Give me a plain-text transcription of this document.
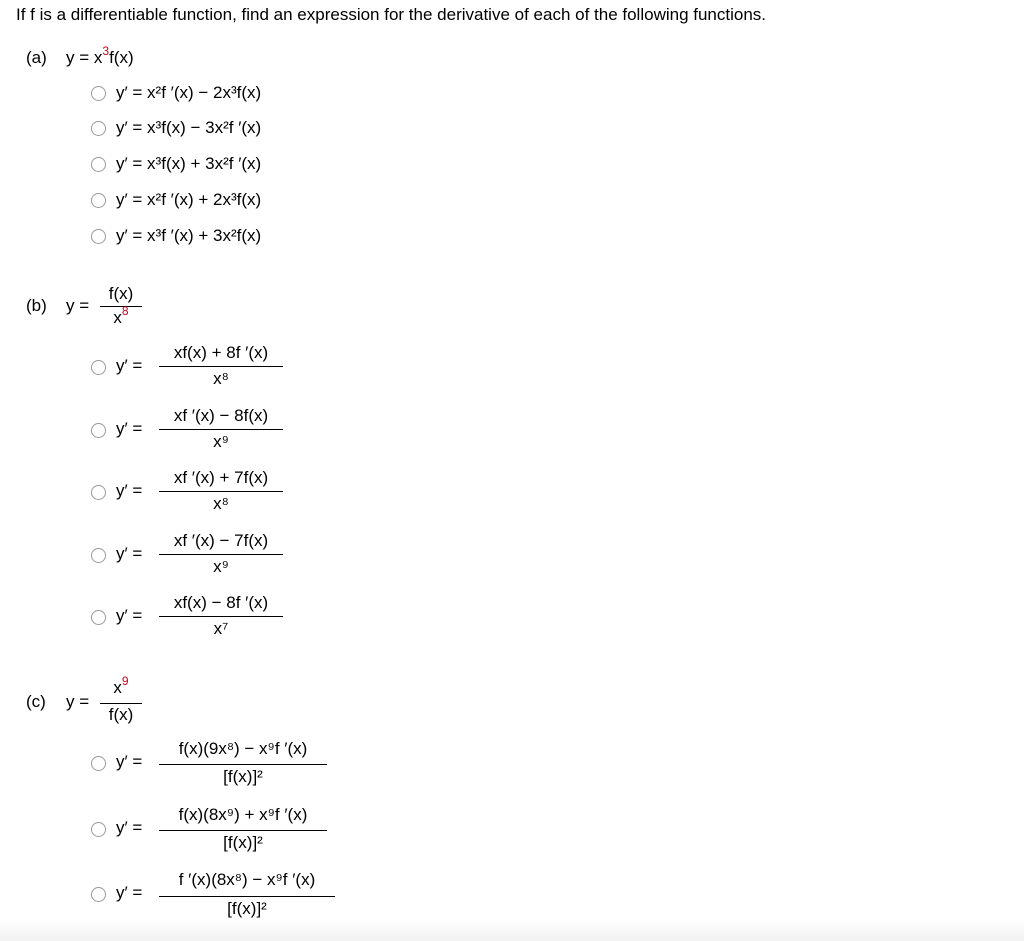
If f is a differentiable function, find an expression for the derivative of each of the following functions.
(a) $y = x^3f(x)$
y′ = x²f ′(x) − 2x³f(x)
y′ = x³f(x) − 3x²f ′(x)
y′ = x³f(x) + 3x²f ′(x)
y′ = x²f ′(x) + 2x³f(x)
y′ = x³f ′(x) + 3x²f(x)
(b) y =
f(x)
$x^8$
y′ =
xf(x) + 8f ′(x)
x⁸
y′ =
xf ′(x) − 8f(x)
x⁹
y′ =
xf ′(x) + 7f(x)
x⁸
y′ =
xf ′(x) − 7f(x)
x⁹
y′ =
xf(x) − 8f ′(x)
x⁷
(c) y =
$x^9$
f(x)
y′ =
f(x)(9x⁸) − x⁹f ′(x)
[f(x)]²
y′ =
f(x)(8x⁹) + x⁹f ′(x)
[f(x)]²
y′ =
f ′(x)(8x⁸) − x⁹f ′(x)
[f(x)]²
